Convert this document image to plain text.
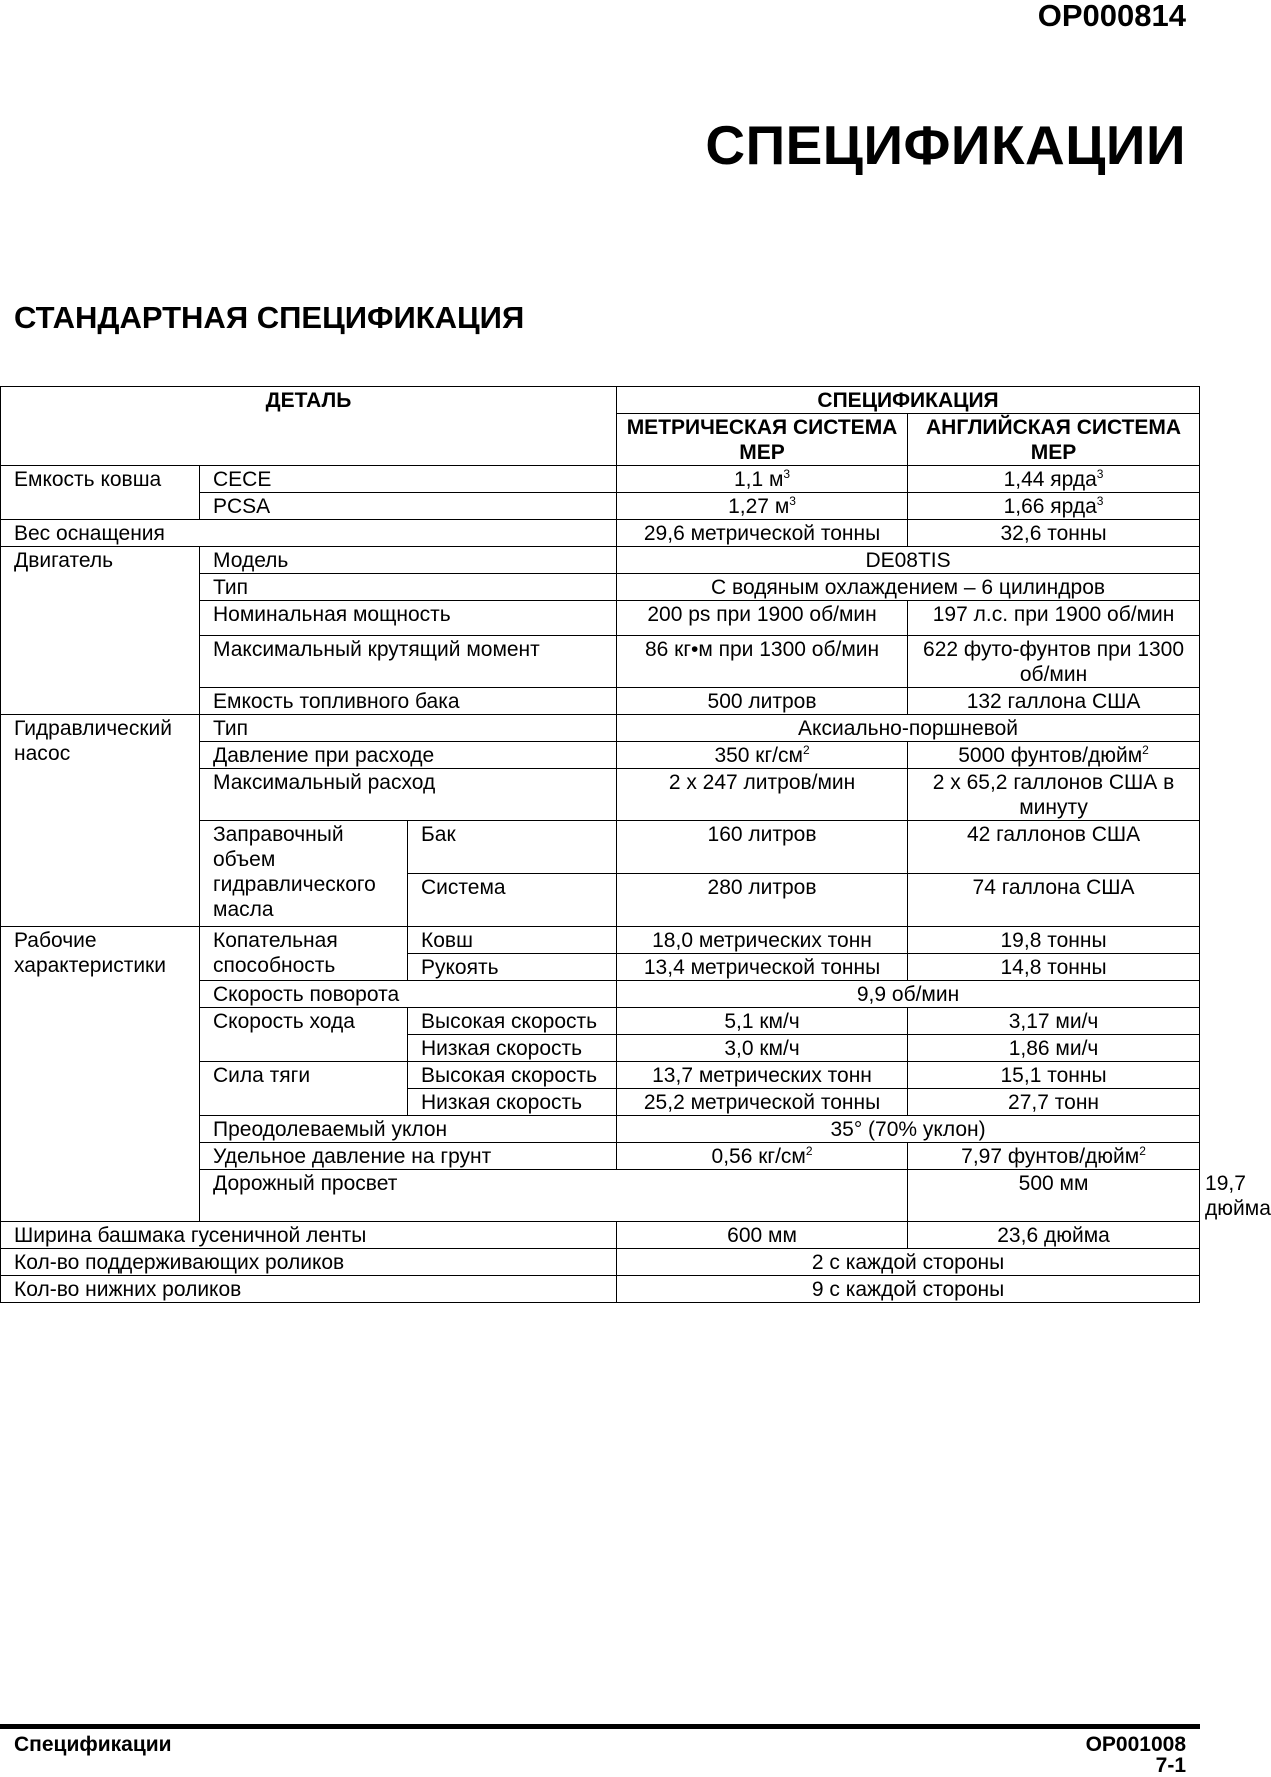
OP000814
СПЕЦИФИКАЦИИ
СТАНДАРТНАЯ СПЕЦИФИКАЦИЯ
ДЕТАЛЬ			СПЕЦИФИКАЦИЯ		
			МЕТРИЧЕСКАЯ СИСТЕМА МЕР	АНГЛИЙСКАЯ СИСТЕМА МЕР	
Емкость ковша	CECE		1,1 $м^3$	1,44 ярда$^3$
	PCSA		1,27 $м^3$	1,66 ярда$^3$
Вес оснащения			29,6 метрической тонны	32,6 тонны	
Двигатель	Модель		DE08TIS		
	Тип		С водяным охлаждением – 6 цилиндров		
	Номинальная мощность		200 ps при 1900 об/мин	197 л.с. при 1900 об/мин	
	Максимальный крутящий момент		86 кг•м при 1300 об/мин	622 футо-фунтов при 1300 об/мин	
	Емкость топливного бака		500 литров	132 галлона США	
Гидравлический насос	Тип		Аксиально-поршневой		
	Давление при расходе		350 $кг/см^2$	5000 фунтов/дюйм$^2$
	Максимальный расход		2 x 247 литров/мин	2 x 65,2 галлонов США в минуту	
	Заправочный объем гидравлического масла	Бак	160 литров	42 галлонов США	
		Система	280 литров	74 галлона США	
Рабочие характеристики	Копательная способность	Ковш	18,0 метрических тонн	19,8 тонны	
		Рукоять	13,4 метрической тонны	14,8 тонны	
	Скорость поворота		9,9 об/мин		
	Скорость хода	Высокая скорость	5,1 км/ч	3,17 ми/ч	
		Низкая скорость	3,0 км/ч	1,86 ми/ч	
	Сила тяги	Высокая скорость	13,7 метрических тонн	15,1 тонны	
		Низкая скорость	25,2 метрической тонны	27,7 тонн	
	Преодолеваемый уклон		35° (70% уклон)		
	Удельное давление на грунт		0,56 $кг/см^2$	7,97 фунтов/дюйм$^2$
	Дорожный просвет			500 мм	19,7 дюйма
Ширина башмака гусеничной ленты			600 мм	23,6 дюйма	
Кол-во поддерживающих роликов			2 с каждой стороны		
Кол-во нижних роликов			9 с каждой стороны		
Спецификации	OP001008
7-1
